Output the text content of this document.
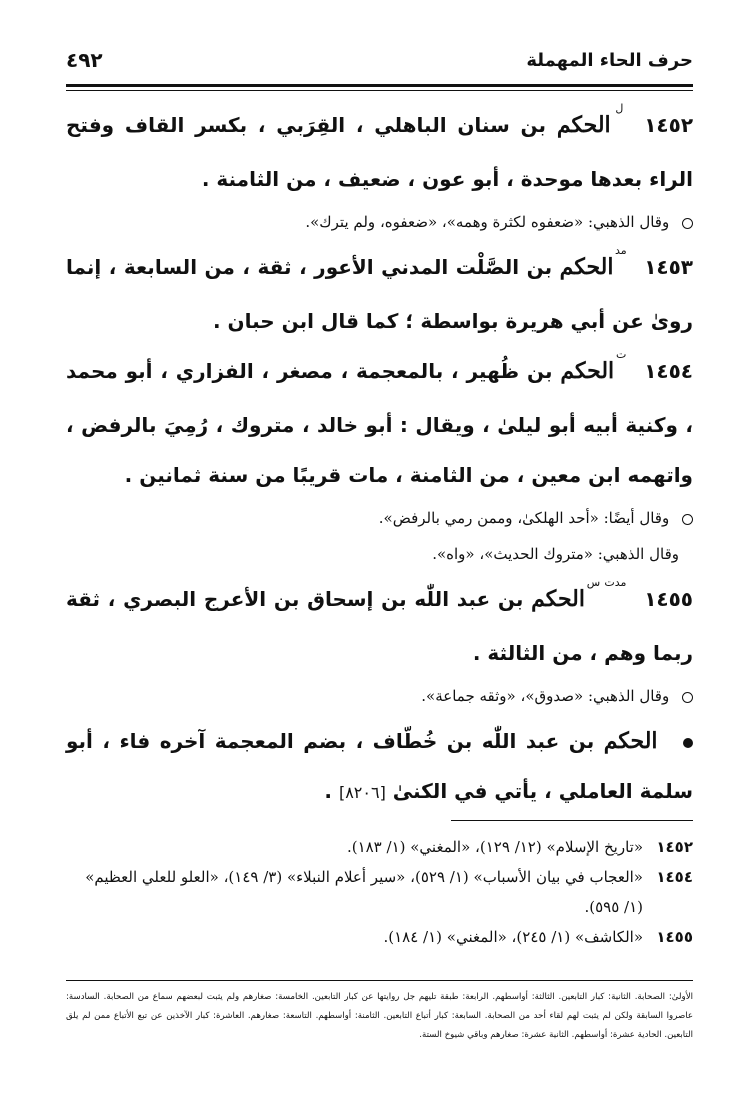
حرف الحاء المهملة
٤٩٢

١٤٥٢ $^ل$ الحكم بن سنان الباهلي ، القِرَبي ، بكسر القاف وفتح الراء بعدها موحدة ، أبو عون ، ضعيف ، من الثامنة .

وقال الذهبي: «ضعفوه لكثرة وهمه»، «ضعفوه، ولم يترك».

١٤٥٣ $^{مد}$ الحكم بن الصَّلْت المدني الأعور ، ثقة ، من السابعة ، إنما روىٰ عن أبي هريرة بواسطة ؛ كما قال ابن حبان .

١٤٥٤ $^ت$ الحكم بن ظُهير ، بالمعجمة ، مصغر ، الفزاري ، أبو محمد ، وكنية أبيه أبو ليلىٰ ، ويقال : أبو خالد ، متروك ، رُمِيَ بالرفض ، واتهمه ابن معين ، من الثامنة ، مات قريبًا من سنة ثمانين .

وقال أيضًا: «أحد الهلكىٰ، وممن رمي بالرفض».

وقال الذهبي: «متروك الحديث»، «واه».

١٤٥٥ $^{مدت س}$ الحكم بن عبد اللّٰه بن إسحاق بن الأعرج البصري ، ثقة ربما وهم ، من الثالثة .

وقال الذهبي: «صدوق»، «وثقه جماعة».

الحكم بن عبد اللّٰه بن خُطّاف ، بضم المعجمة آخره فاء ، أبو سلمة العاملي ، يأتي في الكنىٰ [٨٢٠٦] .

١٤٥٢
«تاريخ الإسلام» (١٢/ ١٢٩)، «المغني» (١/ ١٨٣).
١٤٥٤
«العجاب في بيان الأسباب» (١/ ٥٢٩)، «سير أعلام النبلاء» (٣/ ١٤٩)، «العلو للعلي العظيم» (١/ ٥٩٥).
١٤٥٥
«الكاشف» (١/ ٢٤٥)، «المغني» (١/ ١٨٤).
الأولىٰ: الصحابة. الثانية: كبار التابعين. الثالثة: أواسطهم. الرابعة: طبقة تليهم جل روايتها عن كبار التابعين. الخامسة: صغارهم ولم يثبت لبعضهم سماع من الصحابة. السادسة: عاصروا السابقة ولكن لم يثبت لهم لقاء أحد من الصحابة. السابعة: كبار أتباع التابعين. الثامنة: أواسطهم. التاسعة: صغارهم. العاشرة: كبار الآخذين عن تبع الأتباع ممن لم يلق التابعين. الحادية عشرة: أواسطهم. الثانية عشرة: صغارهم وباقي شيوخ الستة.
